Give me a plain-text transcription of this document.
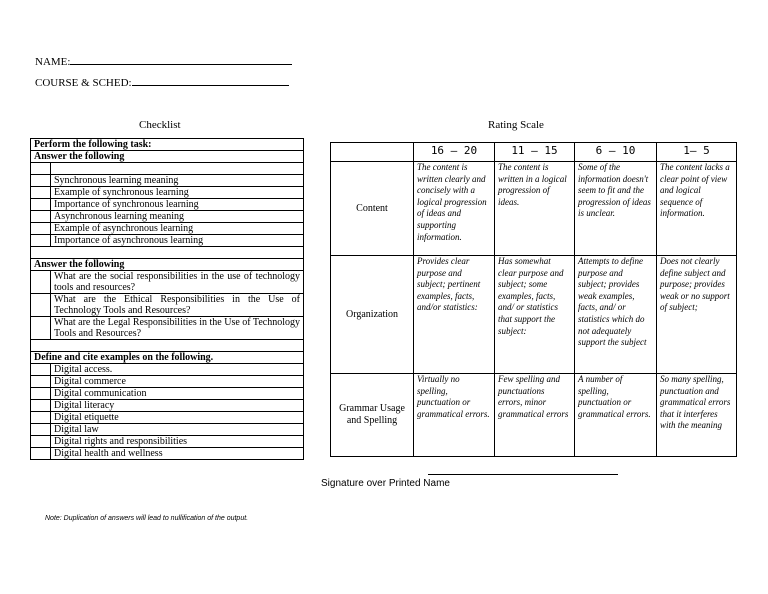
NAME:
COURSE & SCHED:
Checklist	Rating Scale
Perform the following task:	
Answer the following	

	Synchronous learning meaning
	Example of synchronous learning
	Importance of synchronous learning
	Asynchronous learning meaning
	Example of asynchronous learning
	Importance of asynchronous learning

Answer the following	
	What are the social responsibilities in the use of technology tools and resources?
	What are the Ethical Responsibilities in the Use of Technology Tools and Resources?
	What are the Legal Responsibilities in the Use of Technology Tools and Resources?

Define and cite examples on the following.	
	Digital access.
	Digital commerce
	Digital communication
	Digital literacy
	Digital etiquette
	Digital law
	Digital rights and responsibilities
	Digital health and wellness
	16 – 20	11 – 15	6 – 10	1– 5
Content	The content is written clearly and concisely with a logical progression of ideas and supporting information.	The content is written in a logical progression of ideas.	Some of the information doesn't seem to fit and the progression of ideas is unclear.	The content lacks a clear point of view and logical sequence of information.
Organization	Provides clear purpose and subject; pertinent examples, facts, and/or statistics:	Has somewhat clear purpose and subject; some examples, facts, and/ or statistics that support the subject:	Attempts to define purpose and subject; provides weak examples, facts, and/ or statistics which do not adequately support the subject	Does not clearly define subject and purpose; provides weak or no support of subject;
Grammar Usage and Spelling	Virtually no spelling, punctuation or grammatical errors.	Few spelling and punctuations errors, minor grammatical errors	A number of spelling, punctuation or grammatical errors.	So many spelling, punctuation and grammatical errors that it interferes with the meaning
Signature over Printed Name
Note: Duplication of answers will lead to nullification of the output.
